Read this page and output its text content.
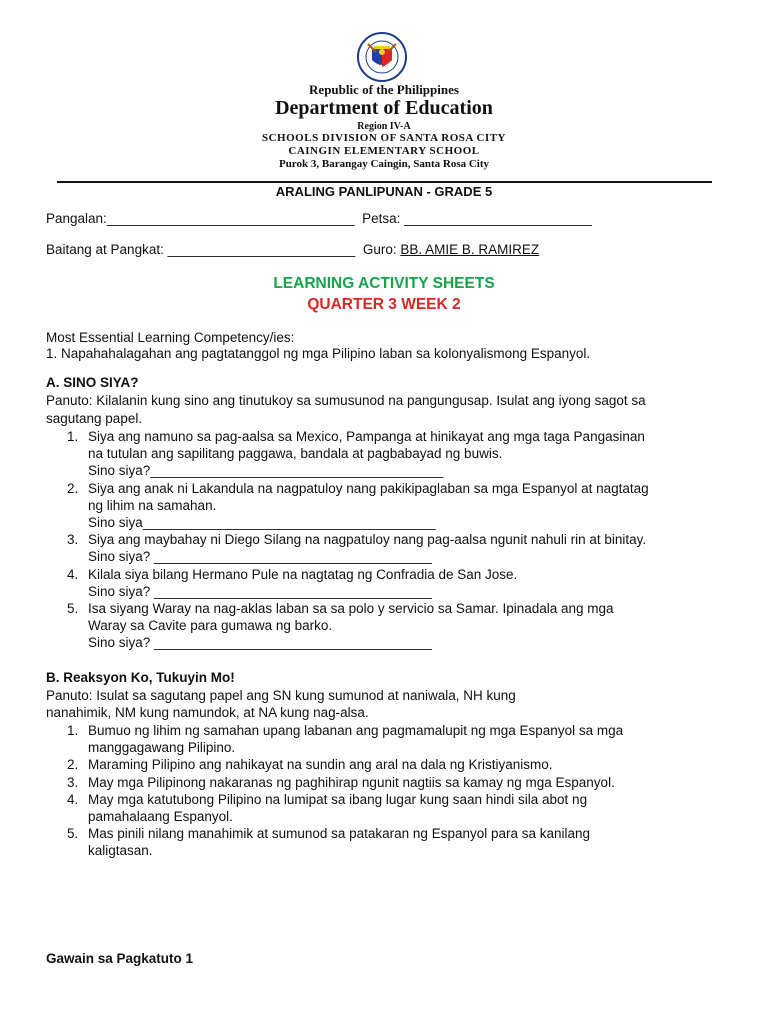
Republic of the Philippines
Department of Education
Region IV-A
SCHOOLS DIVISION OF SANTA ROSA CITY
CAINGIN ELEMENTARY SCHOOL
Purok 3, Barangay Caingin, Santa Rosa City
ARALING PANLIPUNAN - GRADE 5
Pangalan:_________________________________ Petsa: _________________________
Baitang at Pangkat: _________________________ Guro: BB. AMIE B. RAMIREZ
LEARNING ACTIVITY SHEETS
QUARTER 3 WEEK 2
Most Essential Learning Competency/ies:
1. Napahahalagahan ang pagtatanggol ng mga Pilipino laban sa kolonyalismong Espanyol.
A. SINO SIYA?
Panuto: Kilalanin kung sino ang tinutukoy sa sumusunod na pangungusap. Isulat ang iyong sagot sa
sagutang papel.
1. Siya ang namuno sa pag-aalsa sa Mexico, Pampanga at hinikayat ang mga taga Pangasinan
na tutulan ang sapilitang paggawa, bandala at pagbabayad ng buwis.
Sino siya?_______________________________________
2. Siya ang anak ni Lakandula na nagpatuloy nang pakikipaglaban sa mga Espanyol at nagtatag
ng lihim na samahan.
Sino siya_______________________________________
3. Siya ang maybahay ni Diego Silang na nagpatuloy nang pag-aalsa ngunit nahuli rin at binitay.
Sino siya? _____________________________________
4. Kilala siya bilang Hermano Pule na nagtatag ng Confradia de San Jose.
Sino siya? _____________________________________
5. Isa siyang Waray na nag-aklas laban sa sa polo y servicio sa Samar. Ipinadala ang mga
Waray sa Cavite para gumawa ng barko.
Sino siya? _____________________________________
B. Reaksyon Ko, Tukuyin Mo!
Panuto: Isulat sa sagutang papel ang SN kung sumunod at naniwala, NH kung
nanahimik, NM kung namundok, at NA kung nag-alsa.
1. Bumuo ng lihim ng samahan upang labanan ang pagmamalupit ng mga Espanyol sa mga
manggagawang Pilipino.
2. Maraming Pilipino ang nahikayat na sundin ang aral na dala ng Kristiyanismo.
3. May mga Pilipinong nakaranas ng paghihirap ngunit nagtiis sa kamay ng mga Espanyol.
4. May mga katutubong Pilipino na lumipat sa ibang lugar kung saan hindi sila abot ng
pamahalaang Espanyol.
5. Mas pinili nilang manahimik at sumunod sa patakaran ng Espanyol para sa kanilang
kaligtasan.
Gawain sa Pagkatuto 1
